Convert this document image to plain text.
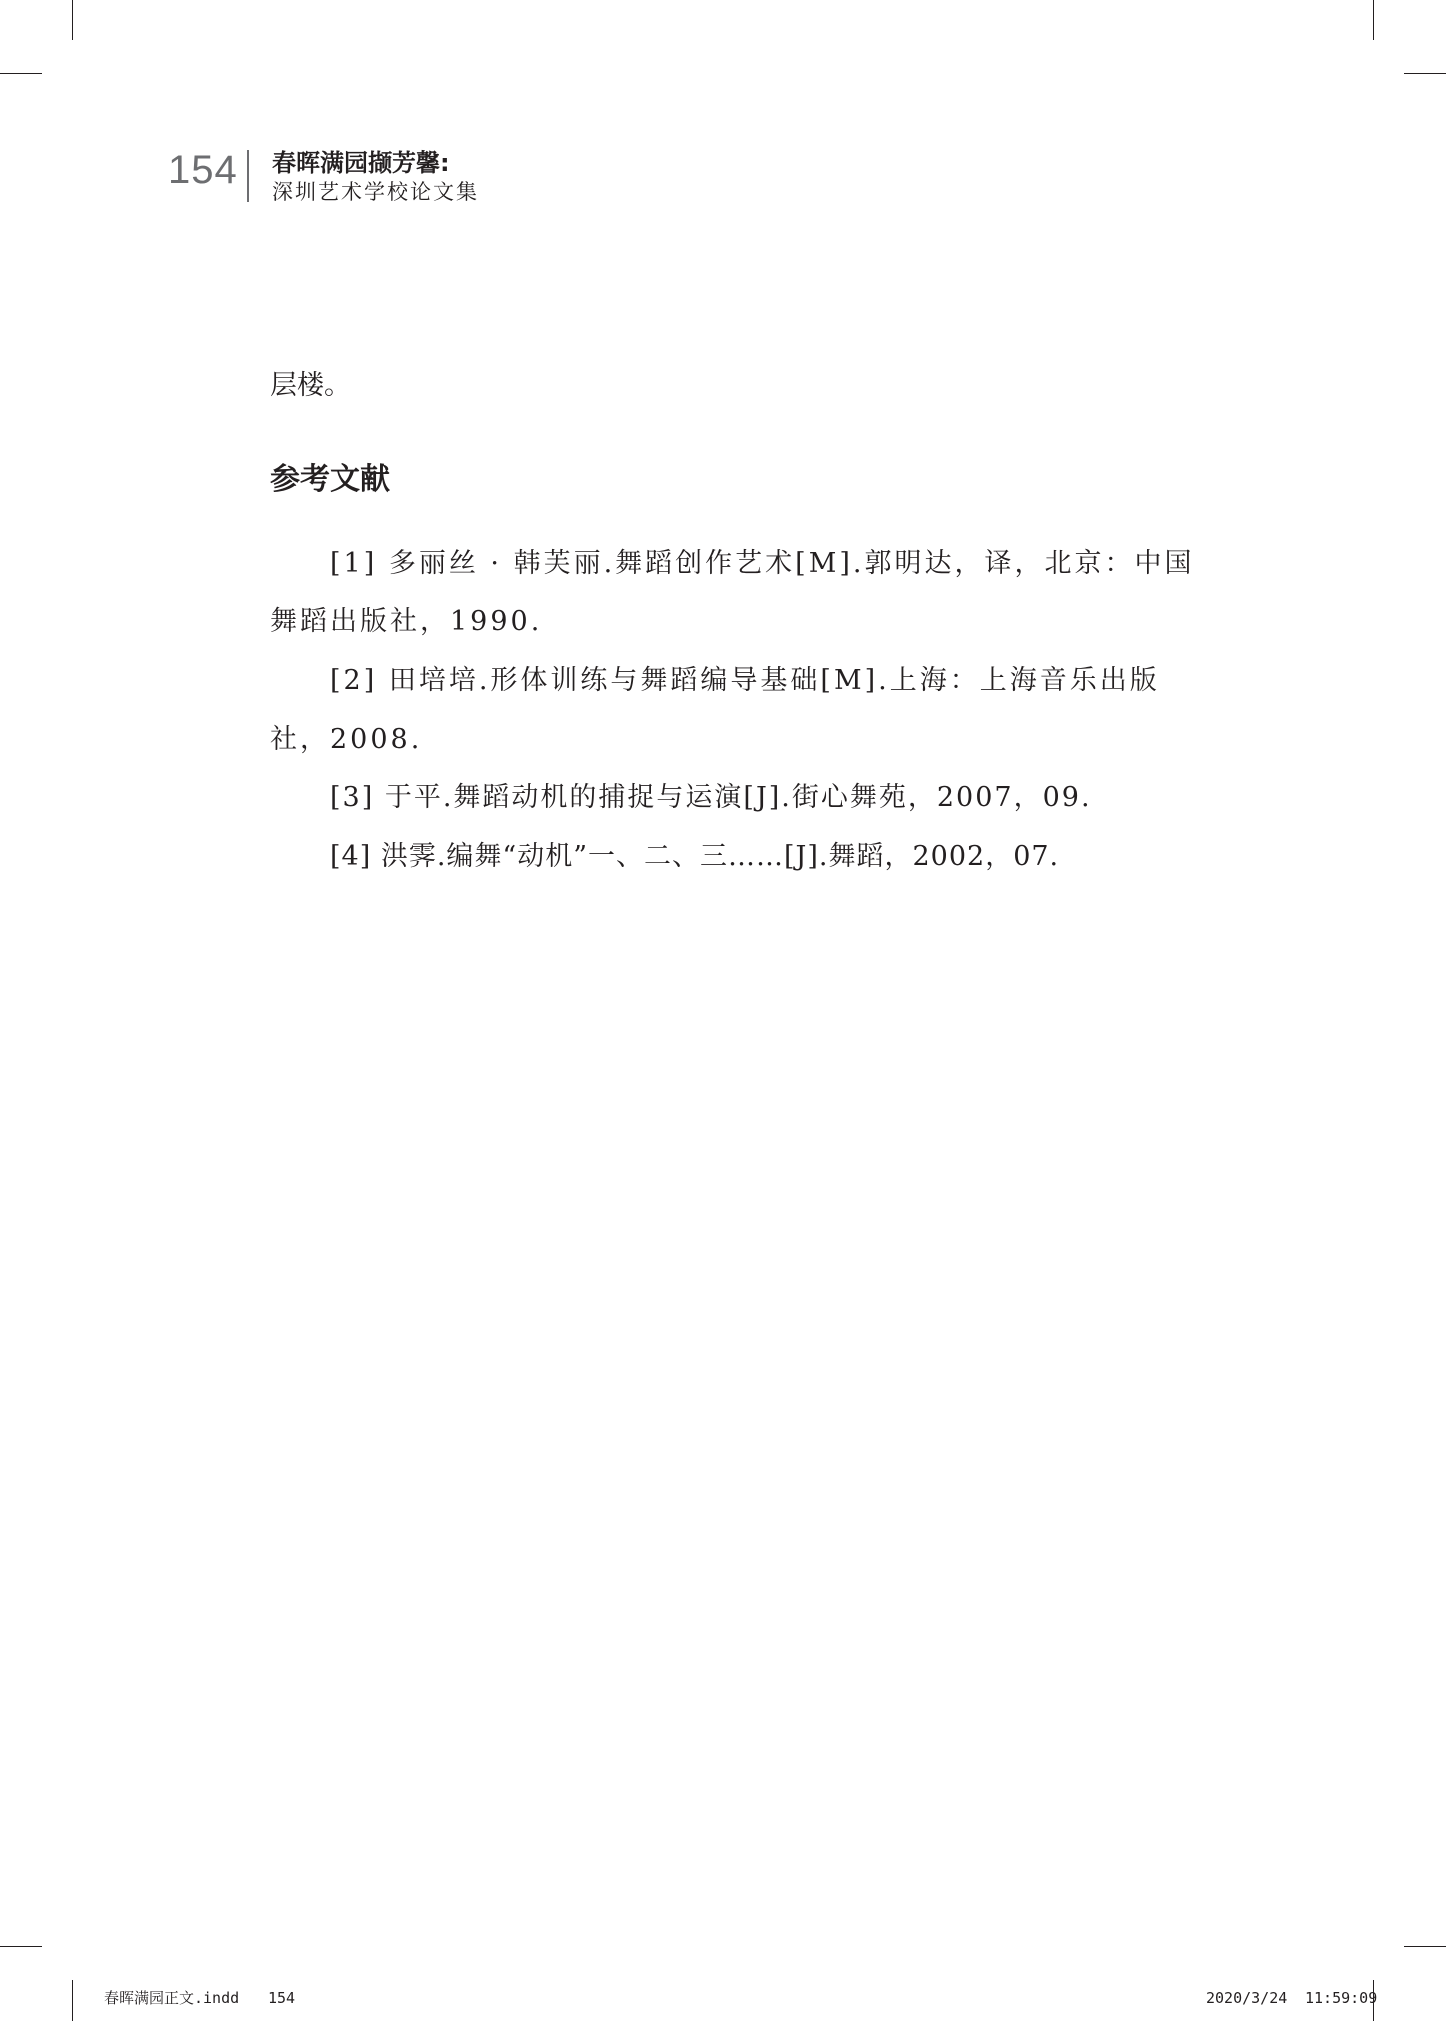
154 春晖满园撷芳馨:
深圳艺术学校论文集
层楼。
参考文献
[1] 多丽丝 · 韩芙丽.舞蹈创作艺术[M].郭明达，译，北京：中国
舞蹈出版社，1990.
[2] 田培培.形体训练与舞蹈编导基础[M].上海：上海音乐出版
社，2008.
[3] 于平.舞蹈动机的捕捉与运演[J].街心舞苑，2007，09.
[4] 洪霁.编舞“动机”一、二、三……[J].舞蹈，2002，07.
春晖满园正文.indd 154	2020/3/24 11:59:09
